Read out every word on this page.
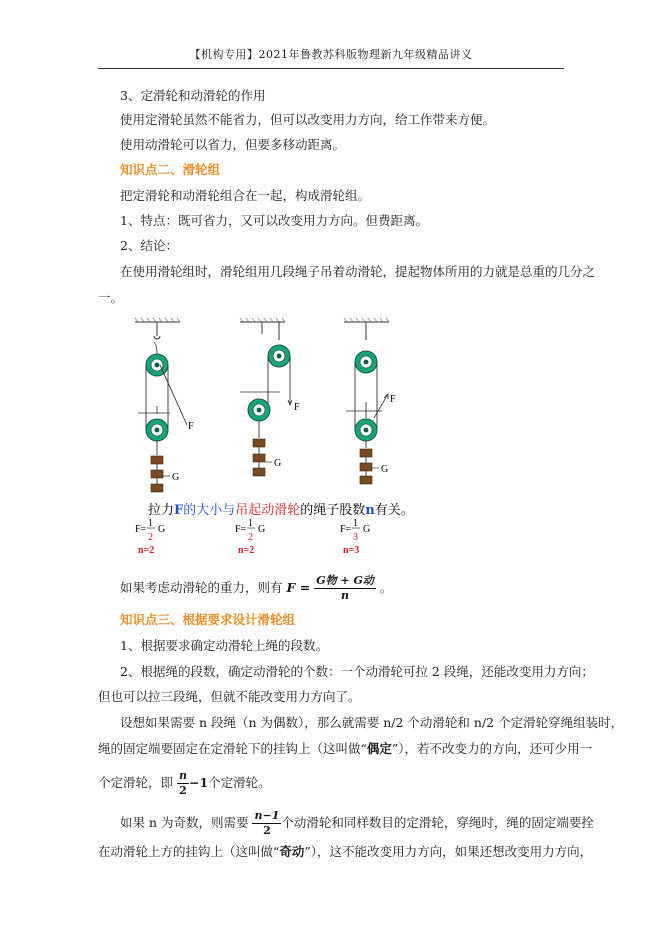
【机构专用】2021年鲁教苏科版物理新九年级精品讲义
3、定滑轮和动滑轮的作用
使用定滑轮虽然不能省力，但可以改变用力方向，给工作带来方便。
使用动滑轮可以省力，但要多移动距离。
知识点二、滑轮组
把定滑轮和动滑轮组合在一起，构成滑轮组。
1、特点：既可省力，又可以改变用力方向。但费距离。
2、结论：
在使用滑轮组时，滑轮组用几段绳子吊着动滑轮，提起物体所用的力就是总重的几分之
一。
F
G
F
G
F
G
拉力F的大小与吊起动滑轮的绳子股数n有关。
F=
1
2
G
n=2
F=
1
2
G
n=2
F=
1
3
G
n=3
如果考虑动滑轮的重力，则有 $F = \frac{\text{G物 + G动}}{n}$ 。
知识点三、根据要求设计滑轮组
1、根据要求确定动滑轮上绳的段数。
2、根据绳的段数，确定动滑轮的个数：一个动滑轮可拉 2 段绳，还能改变用力方向；
但也可以拉三段绳，但就不能改变用力方向了。
设想如果需要 n 段绳（n 为偶数），那么就需要 n/2 个动滑轮和 n/2 个定滑轮穿绳组装时，
绳的固定端要固定在定滑轮下的挂钩上（这叫做“偶定”），若不改变力的方向，还可少用一
个定滑轮，即 $\frac{n}{2} -1$个定滑轮。
如果 n 为奇数，则需要 $\frac{n-1}{2}$ 个动滑轮和同样数目的定滑轮，穿绳时，绳的固定端要拴
在动滑轮上方的挂钩上（这叫做“奇动”），这不能改变用力方向，如果还想改变用力方向，
